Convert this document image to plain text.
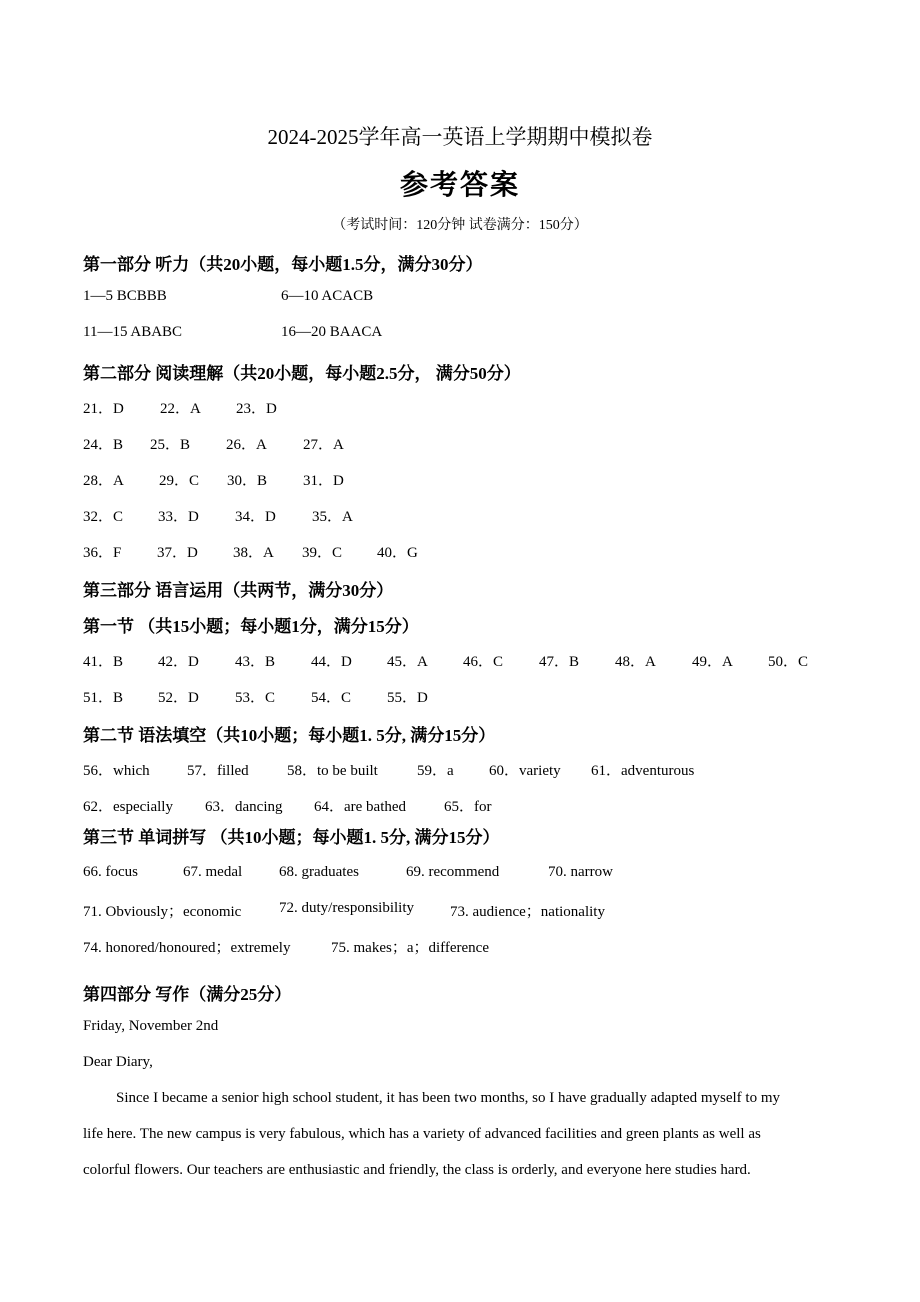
2024-2025学年高一英语上学期期中模拟卷
参考答案
（考试时间：120分钟 试卷满分：150分）
第一部分 听力（共20小题，每小题1.5分，满分30分）
1—5 BCBBB	6—10 ACACB
11—15 ABABC	16—20 BAACA
第二部分 阅读理解（共20小题，每小题2.5分， 满分50分）
21．D 22．A 23．D
24．B 25．B 26．A 27．A
28．A 29．C 30．B 31．D
32．C 33．D 34．D 35．A
36．F 37．D 38．A 39．C 40．G
第三部分 语言运用（共两节，满分30分）
第一节 （共15小题；每小题1分，满分15分）
41．B 42．D 43．B 44．D 45．A 46．C 47．B 48．A 49．A 50．C
51．B 52．D 53．C 54．C 55．D
第二节 语法填空（共10小题；每小题1. 5分, 满分15分）
56．which 57．filled	58．to be built	59．a 60．variety 61．adventurous
62．especially 63．dancing 64．are bathed	65．for
第三节 单词拼写 （共10小题；每小题1. 5分, 满分15分）
66. focus	67. medal 68. graduates	69. recommend	70. narrow
71. Obviously；economic	72. duty/responsibility 73. audience；nationality
74. honored/honoured；extremely	75. makes；a；difference
第四部分 写作（满分25分）
Friday, November 2nd
Dear Diary,
Since I became a senior high school student, it has been two months, so I have gradually adapted myself to my
life here. The new campus is very fabulous, which has a variety of advanced facilities and green plants as well as
colorful flowers. Our teachers are enthusiastic and friendly, the class is orderly, and everyone here studies hard.
